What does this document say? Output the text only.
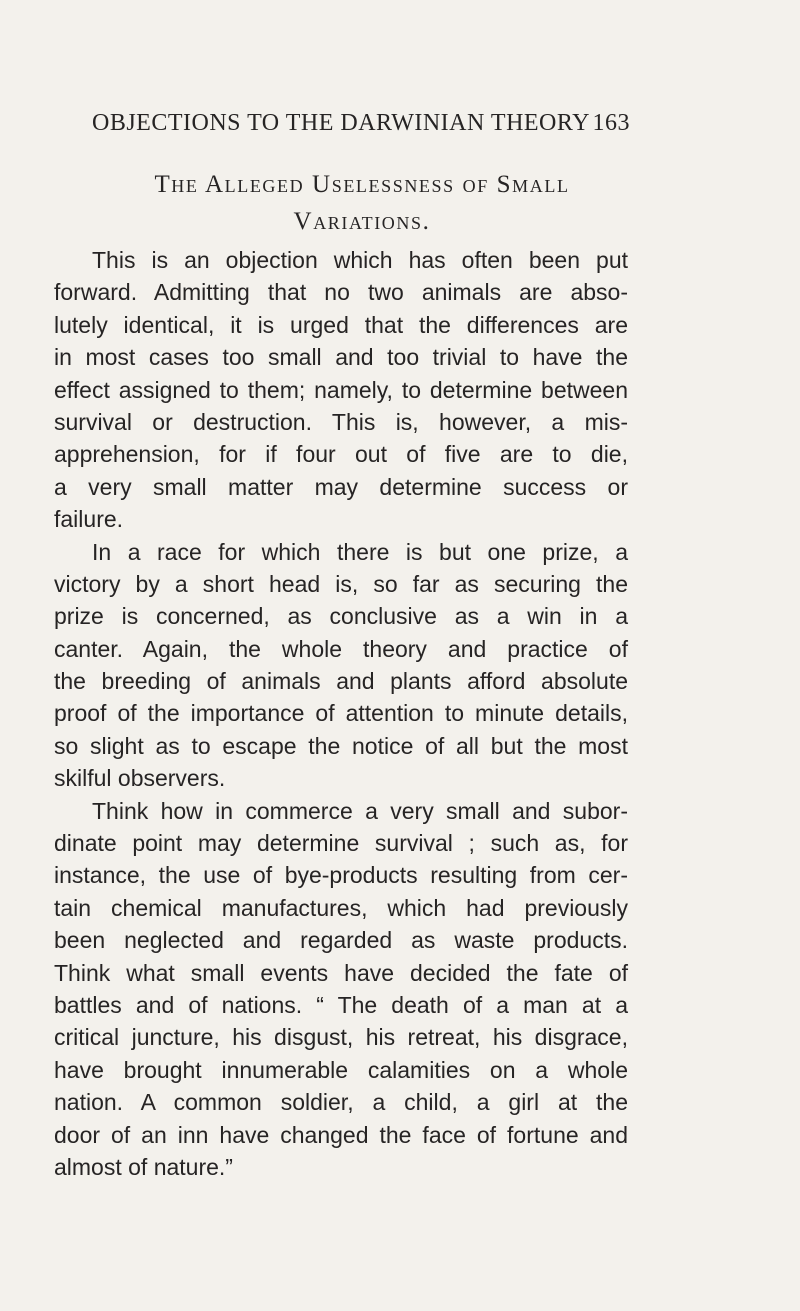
OBJECTIONS TO THE DARWINIAN THEORY 163
The Alleged Uselessness of Small
Variations.
This is an objection which has often been put
forward. Admitting that no two animals are abso-
lutely identical, it is urged that the differences are
in most cases too small and too trivial to have the
effect assigned to them; namely, to determine between
survival or destruction. This is, however, a mis-
apprehension, for if four out of five are to die,
a very small matter may determine success or
failure.
In a race for which there is but one prize, a
victory by a short head is, so far as securing the
prize is concerned, as conclusive as a win in a
canter. Again, the whole theory and practice of
the breeding of animals and plants afford absolute
proof of the importance of attention to minute details,
so slight as to escape the notice of all but the most
skilful observers.
Think how in commerce a very small and subor-
dinate point may determine survival ; such as, for
instance, the use of bye-products resulting from cer-
tain chemical manufactures, which had previously
been neglected and regarded as waste products.
Think what small events have decided the fate of
battles and of nations. “ The death of a man at a
critical juncture, his disgust, his retreat, his disgrace,
have brought innumerable calamities on a whole
nation. A common soldier, a child, a girl at the
door of an inn have changed the face of fortune and
almost of nature.”
